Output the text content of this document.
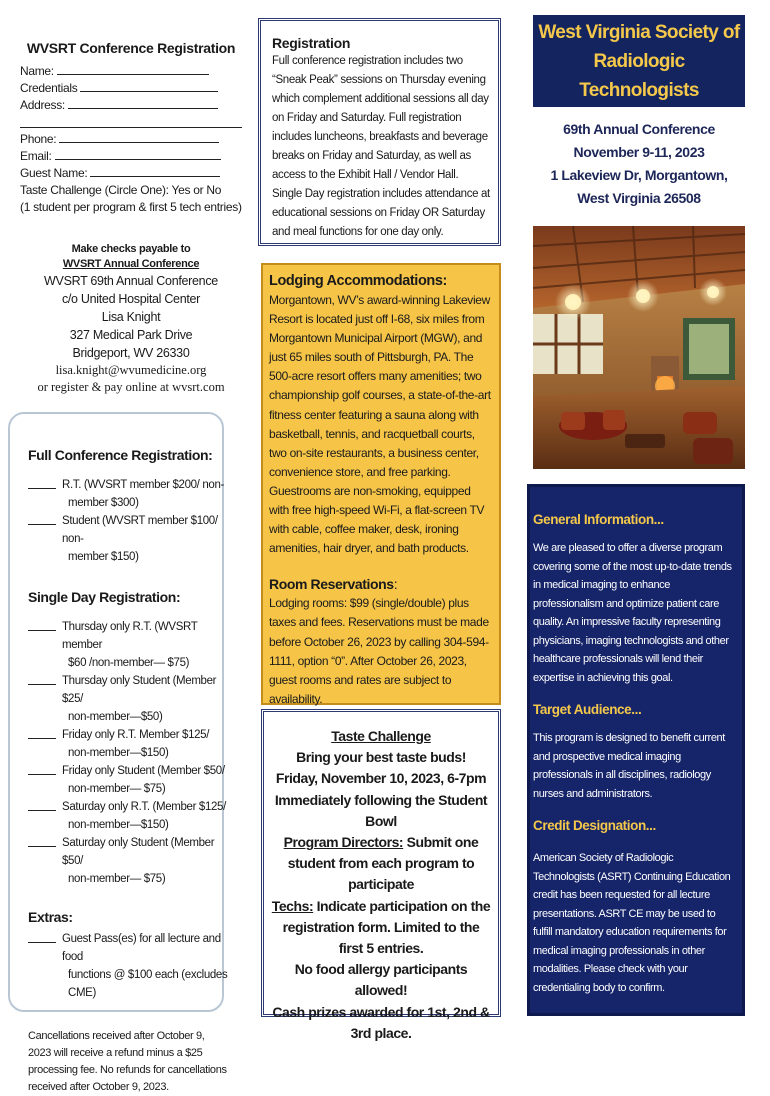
WVSRT Conference Registration
Name:
Credentials
Address:
Phone:
Email:
Guest Name:
Taste Challenge (Circle One): Yes or No
(1 student per program & first 5 tech entries)
Make checks payable to
WVSRT Annual Conference
WVSRT 69th Annual Conference
c/o United Hospital Center
Lisa Knight
327 Medical Park Drive
Bridgeport, WV 26330
lisa.knight@wvumedicine.org
or register & pay online at wvsrt.com
Full Conference Registration:
R.T. (WVSRT member $200/ non-
member $300)
Student (WVSRT member $100/ non-
member $150)
Single Day Registration:
Thursday only R.T. (WVSRT member
$60 /non-member— $75)
Thursday only Student (Member $25/
non-member—$50)
Friday only R.T. Member $125/
non-member—$150)
Friday only Student (Member $50/
non-member— $75)
Saturday only R.T. (Member $125/
non-member—$150)
Saturday only Student (Member $50/
non-member— $75)
Extras:
Guest Pass(es) for all lecture and food
functions @ $100 each (excludes
CME)
Cancellations received after October 9, 2023 will receive a refund minus a $25 processing fee. No refunds for cancellations received after October 9, 2023.
Registration
Full conference registration includes two “Sneak Peak” sessions on Thursday evening which complement additional sessions all day on Friday and Saturday. Full registration includes luncheons, breakfasts and beverage breaks on Friday and Saturday, as well as access to the Exhibit Hall / Vendor Hall. Single Day registration includes attendance at educational sessions on Friday OR Saturday and meal functions for one day only.
Lodging Accommodations:
Morgantown, WV’s award-winning Lakeview Resort is located just off I-68, six miles from Morgantown Municipal Airport (MGW), and just 65 miles south of Pittsburgh, PA. The 500-acre resort offers many amenities; two championship golf courses, a state-of-the-art fitness center featuring a sauna along with basketball, tennis, and racquetball courts, two on-site restaurants, a business center, convenience store, and free parking. Guestrooms are non-smoking, equipped with free high-speed Wi-Fi, a flat-screen TV with cable, coffee maker, desk, ironing amenities, hair dryer, and bath products.
Room Reservations:
Lodging rooms: $99 (single/double) plus taxes and fees. Reservations must be made before October 26, 2023 by calling 304-594-1111, option “0”. After October 26, 2023, guest rooms and rates are subject to availability.

Taste Challenge

Bring your best taste buds!

Friday, November 10, 2023, 6-7pm

Immediately following the Student Bowl

Program Directors: Submit one student from each program to participate

Techs: Indicate participation on the registration form. Limited to the first 5 entries.

No food allergy participants allowed!

Cash prizes awarded for 1st, 2nd & 3rd place.

West Virginia Society of Radiologic Technologists
69th Annual Conference
November 9-11, 2023
1 Lakeview Dr, Morgantown,
West Virginia 26508
General Information...
We are pleased to offer a diverse program covering some of the most up-to-date trends in medical imaging to enhance professionalism and optimize patient care quality. An impressive faculty representing physicians, imaging technologists and other healthcare professionals will lend their expertise in achieving this goal.
Target Audience...
This program is designed to benefit current and prospective medical imaging professionals in all disciplines, radiology nurses and administrators.
Credit Designation...
American Society of Radiologic Technologists (ASRT) Continuing Education credit has been requested for all lecture presentations. ASRT CE may be used to fulfill mandatory education requirements for medical imaging professionals in other modalities. Please check with your credentialing body to confirm.
